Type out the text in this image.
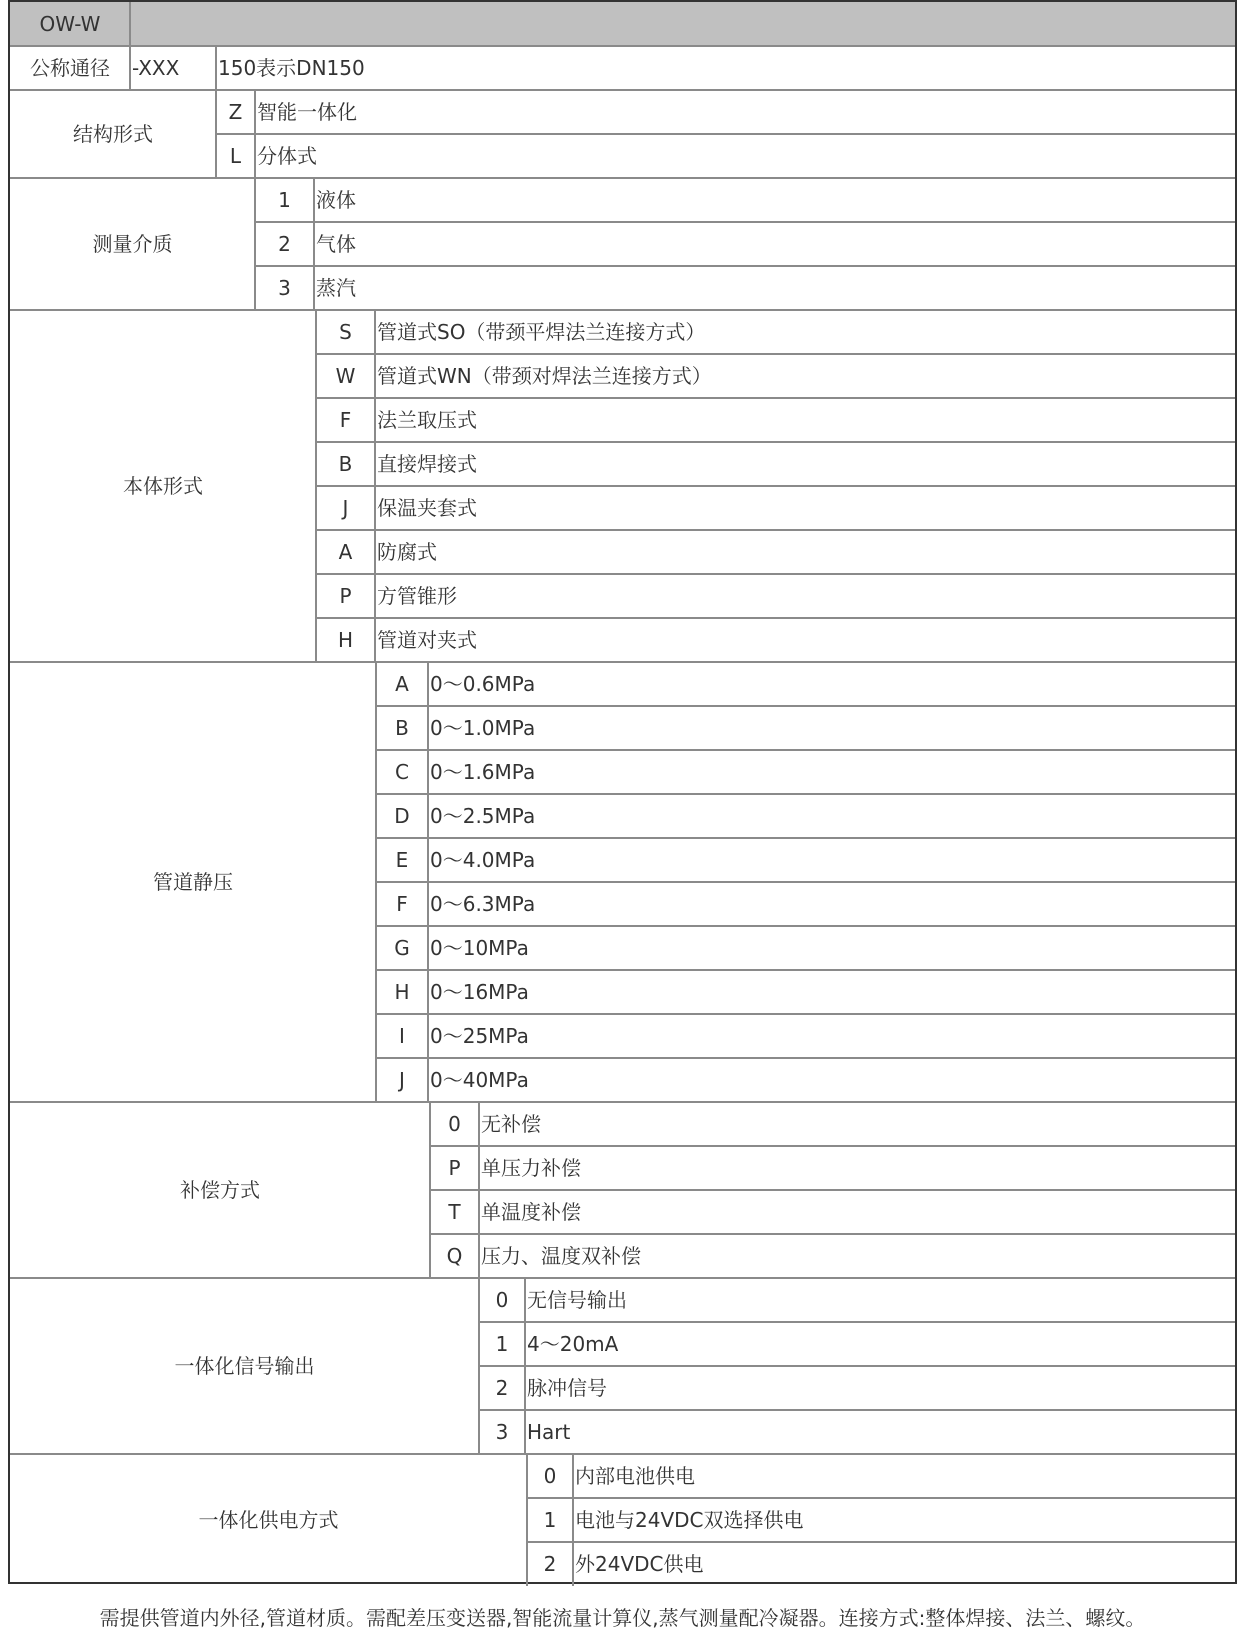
OW-W
公称通径	-XXX	150表示DN150
结构形式
Z 智能一体化
L 分体式
测量介质
1	液体
2	气体
3	蒸汽
本体形式
S	管道式SO（带颈平焊法兰连接方式）
W	管道式WN（带颈对焊法兰连接方式）
F	法兰取压式
B	直接焊接式
J	保温夹套式
A	防腐式
P	方管锥形
H	管道对夹式
管道静压
A	0～0.6MPa
B	0～1.0MPa
C	0～1.6MPa
D	0～2.5MPa
E	0～4.0MPa
F	0～6.3MPa
G	0～10MPa
H	0～16MPa
I	0～25MPa
J	0～40MPa
补偿方式
0	无补偿
P	单压力补偿
T	单温度补偿
Q 压力、温度双补偿
一体化信号输出
0 无信号输出
1 4～20mA
2 脉冲信号
3 Hart
一体化供电方式
0 内部电池供电
1 电池与24VDC双选择供电
2 外24VDC供电
需提供管道内外径,管道材质。需配差压变送器,智能流量计算仪,蒸气测量配冷凝器。连接方式:整体焊接、法兰、螺纹。
